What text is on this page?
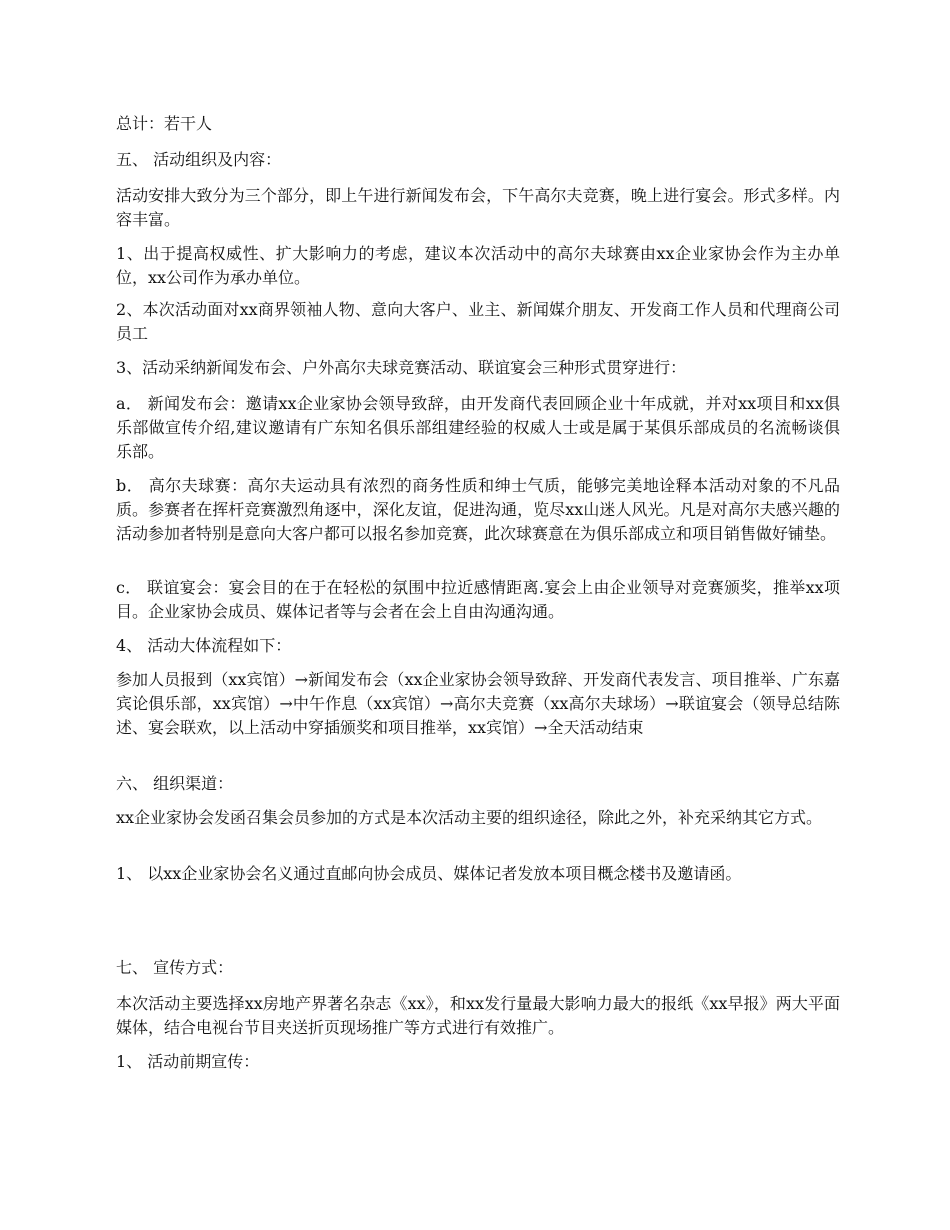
总计：若干人

五、 活动组织及内容：

活动安排大致分为三个部分，即上午进行新闻发布会，下午高尔夫竞赛，晚上进行宴会。形式多样。内容丰富。

1、出于提高权威性、扩大影响力的考虑，建议本次活动中的高尔夫球赛由xx企业家协会作为主办单位，xx公司作为承办单位。

2、本次活动面对xx商界领袖人物、意向大客户、业主、新闻媒介朋友、开发商工作人员和代理商公司员工

3、活动采纳新闻发布会、户外高尔夫球竞赛活动、联谊宴会三种形式贯穿进行：

a． 新闻发布会：邀请xx企业家协会领导致辞，由开发商代表回顾企业十年成就，并对xx项目和xx俱乐部做宣传介绍,建议邀请有广东知名俱乐部组建经验的权威人士或是属于某俱乐部成员的名流畅谈俱乐部。

b． 高尔夫球赛：高尔夫运动具有浓烈的商务性质和绅士气质，能够完美地诠释本活动对象的不凡品质。参赛者在挥杆竞赛激烈角逐中，深化友谊，促进沟通，览尽xx山迷人风光。凡是对高尔夫感兴趣的活动参加者特别是意向大客户都可以报名参加竞赛，此次球赛意在为俱乐部成立和项目销售做好铺垫。

c． 联谊宴会：宴会目的在于在轻松的氛围中拉近感情距离.宴会上由企业领导对竞赛颁奖，推举xx项目。企业家协会成员、媒体记者等与会者在会上自由沟通沟通。

4、 活动大体流程如下：

参加人员报到（xx宾馆）→新闻发布会（xx企业家协会领导致辞、开发商代表发言、项目推举、广东嘉宾论俱乐部，xx宾馆）→中午作息（xx宾馆）→高尔夫竞赛（xx高尔夫球场）→联谊宴会（领导总结陈述、宴会联欢，以上活动中穿插颁奖和项目推举，xx宾馆）→全天活动结束

六、 组织渠道：

xx企业家协会发函召集会员参加的方式是本次活动主要的组织途径，除此之外，补充采纳其它方式。

1、 以xx企业家协会名义通过直邮向协会成员、媒体记者发放本项目概念楼书及邀请函。

七、 宣传方式：

本次活动主要选择xx房地产界著名杂志《xx》，和xx发行量最大影响力最大的报纸《xx早报》两大平面媒体，结合电视台节目夹送折页现场推广等方式进行有效推广。

1、 活动前期宣传：
